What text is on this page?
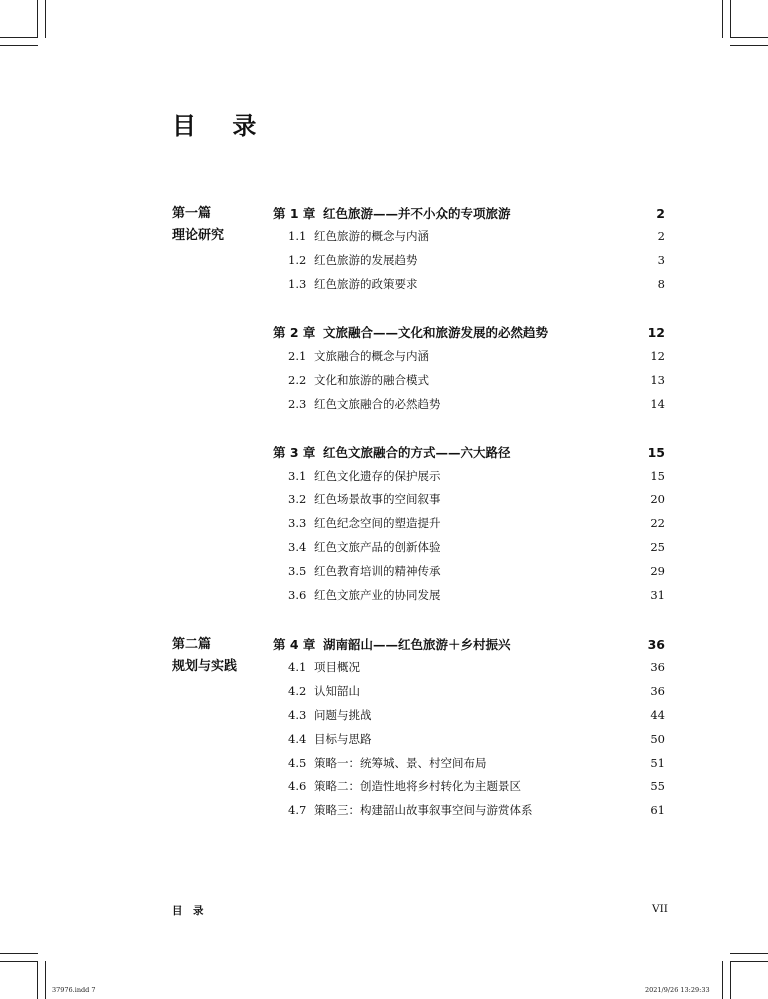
目 录
第一篇
理论研究
第二篇
规划与实践
第 1 章 红色旅游——并不小众的专项旅游	2
1.1 红色旅游的概念与内涵	2
1.2 红色旅游的发展趋势	3
1.3 红色旅游的政策要求	8
第 2 章 文旅融合——文化和旅游发展的必然趋势	12
2.1 文旅融合的概念与内涵	12
2.2 文化和旅游的融合模式	13
2.3 红色文旅融合的必然趋势	14
第 3 章 红色文旅融合的方式——六大路径	15
3.1 红色文化遗存的保护展示	15
3.2 红色场景故事的空间叙事	20
3.3 红色纪念空间的塑造提升	22
3.4 红色文旅产品的创新体验	25
3.5 红色教育培训的精神传承	29
3.6 红色文旅产业的协同发展	31
第 4 章 湖南韶山——红色旅游＋乡村振兴	36
4.1 项目概况	36
4.2 认知韶山	36
4.3 问题与挑战	44
4.4 目标与思路	50
4.5 策略一：统筹城、景、村空间布局	51
4.6 策略二：创造性地将乡村转化为主题景区	55
4.7 策略三：构建韶山故事叙事空间与游赏体系	61
目　录	VII
37976.indd 7	2021/9/26 13:29:33
